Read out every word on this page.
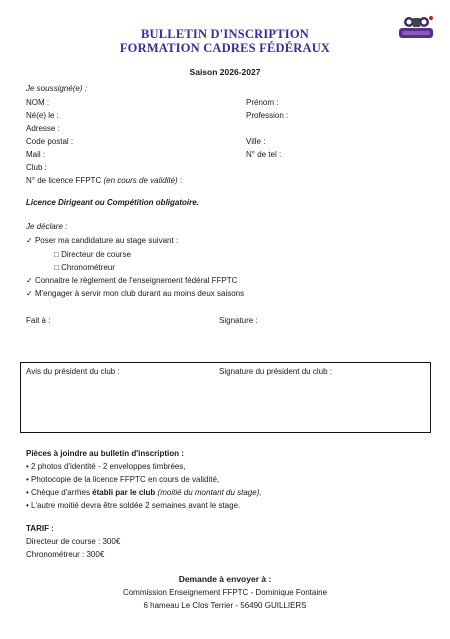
BULLETIN D'INSCRIPTION
FORMATION CADRES FÉDÉRAUX
Saison 2026-2027
Je soussigné(e) :
NOM :	Prénom :
Né(e) le :	Profession :
Adresse :
Code postal :	Ville :
Mail :	N° de tel :
Club :
N° de licence FFPTC (en cours de validité) :
Licence Dirigeant ou Compétition obligatoire.
Je déclare :
✓ Poser ma candidature au stage suivant :
□ Directeur de course
□ Chronométreur
✓ Connaitre le règlement de l'enseignement fédéral FFPTC
✓ M'engager à servir mon club durant au moins deux saisons
Fait à :	Signature :
Avis du président du club :	Signature du président du club :
Pièces à joindre au bulletin d'inscription :
• 2 photos d'identité - 2 enveloppes timbrées,
• Photocopie de la licence FFPTC en cours de validité,
• Chèque d'arrhes établi par le club (moitié du montant du stage),
• L'autre moitié devra être soldée 2 semaines avant le stage.
TARIF :
Directeur de course : 300€
Chronométreur : 300€
Demande à envoyer à :
Commission Enseignement FFPTC - Dominique Fontaine
6 hameau Le Clos Terrier - 56490 GUILLIERS
